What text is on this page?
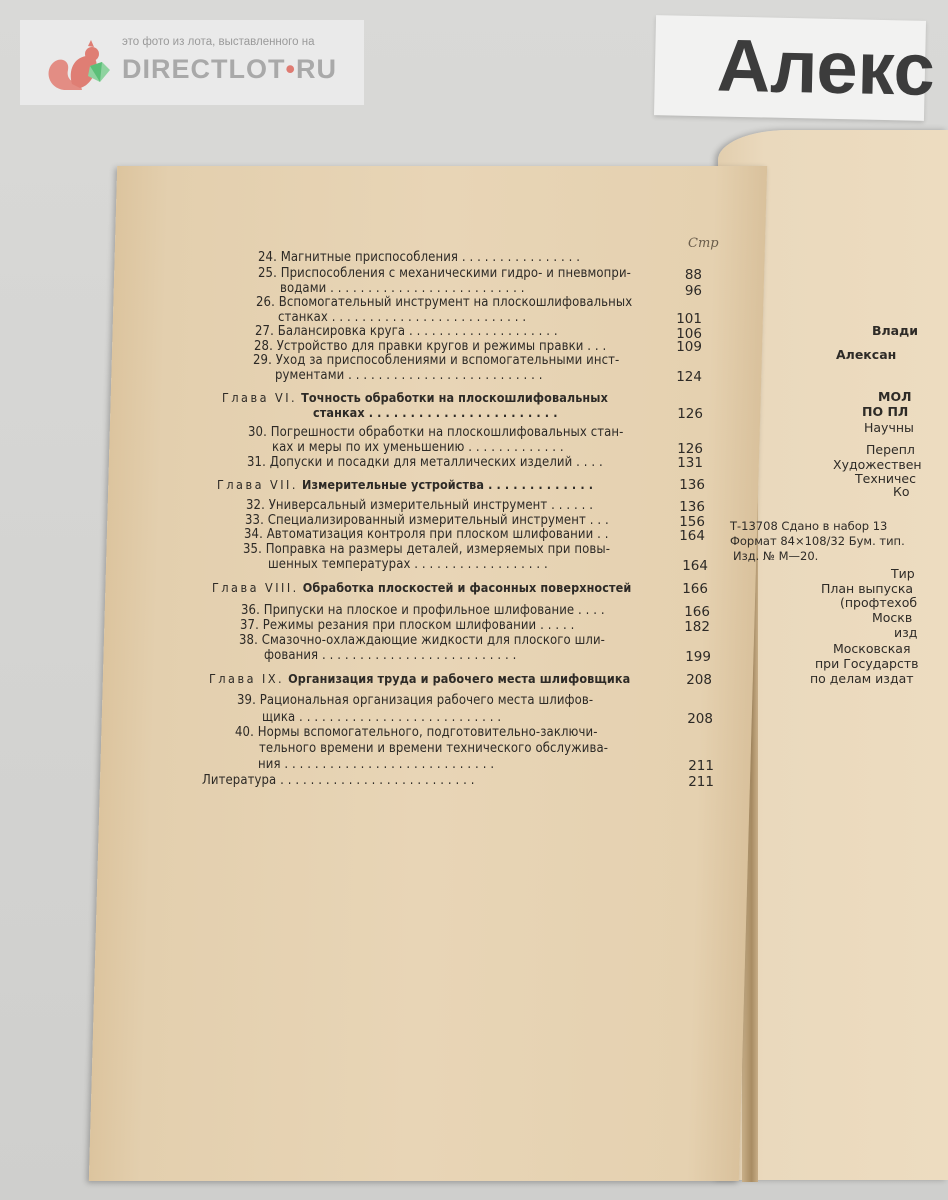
это фото из лота, выставленного на
DIRECTLOT•RU	Алекс
Стр
24. Магнитные приспособления . . . . . . . . . . . . . . . .
25. Приспособления с механическими гидро- и пневмопри-	88
водами . . . . . . . . . . . . . . . . . . . . . . . . . .	96
26. Вспомогательный инструмент на плоскошлифовальных
станках . . . . . . . . . . . . . . . . . . . . . . . . . .	101
27. Балансировка круга . . . . . . . . . . . . . . . . . . . .	106
28. Устройство для правки кругов и режимы правки . . .	109
29. Уход за приспособлениями и вспомогательными инст-
рументами . . . . . . . . . . . . . . . . . . . . . . . . . .	124
Глава VI. Точность обработки на плоскошлифовальных
станках . . . . . . . . . . . . . . . . . . . . . . .	126
30. Погрешности обработки на плоскошлифовальных стан-
ках и меры по их уменьшению . . . . . . . . . . . . .	126
31. Допуски и посадки для металлических изделий . . . .	131
Глава VII. Измерительные устройства . . . . . . . . . . . . .	136
32. Универсальный измерительный инструмент . . . . . .	136
33. Специализированный измерительный инструмент . . .	156
34. Автоматизация контроля при плоском шлифовании . .	164
35. Поправка на размеры деталей, измеряемых при повы-
шенных температурах . . . . . . . . . . . . . . . . . .	164
Глава VIII. Обработка плоскостей и фасонных поверхностей	166
36. Припуски на плоское и профильное шлифование . . . .	166
37. Режимы резания при плоском шлифовании . . . . .	182
38. Смазочно-охлаждающие жидкости для плоского шли-
фования . . . . . . . . . . . . . . . . . . . . . . . . . .	199
Глава IX. Организация труда и рабочего места шлифовщика	208
39. Рациональная организация рабочего места шлифов-
щика . . . . . . . . . . . . . . . . . . . . . . . . . . .	208
40. Нормы вспомогательного, подготовительно-заключи-
тельного времени и времени технического обслужива-
ния . . . . . . . . . . . . . . . . . . . . . . . . . . . .	211
Литература . . . . . . . . . . . . . . . . . . . . . . . . . .	211
Влади
Алексан
МОЛ
ПО ПЛ
Научны
Перепл
Художествен
Техничес
Ко
Т-13708 Сдано в набор 13
Формат 84×108/32 Бум. тип.
Изд. № М—20.
Тир
План выпуска
(профтехоб
Москв
изд
Московская
при Государств
по делам издат
